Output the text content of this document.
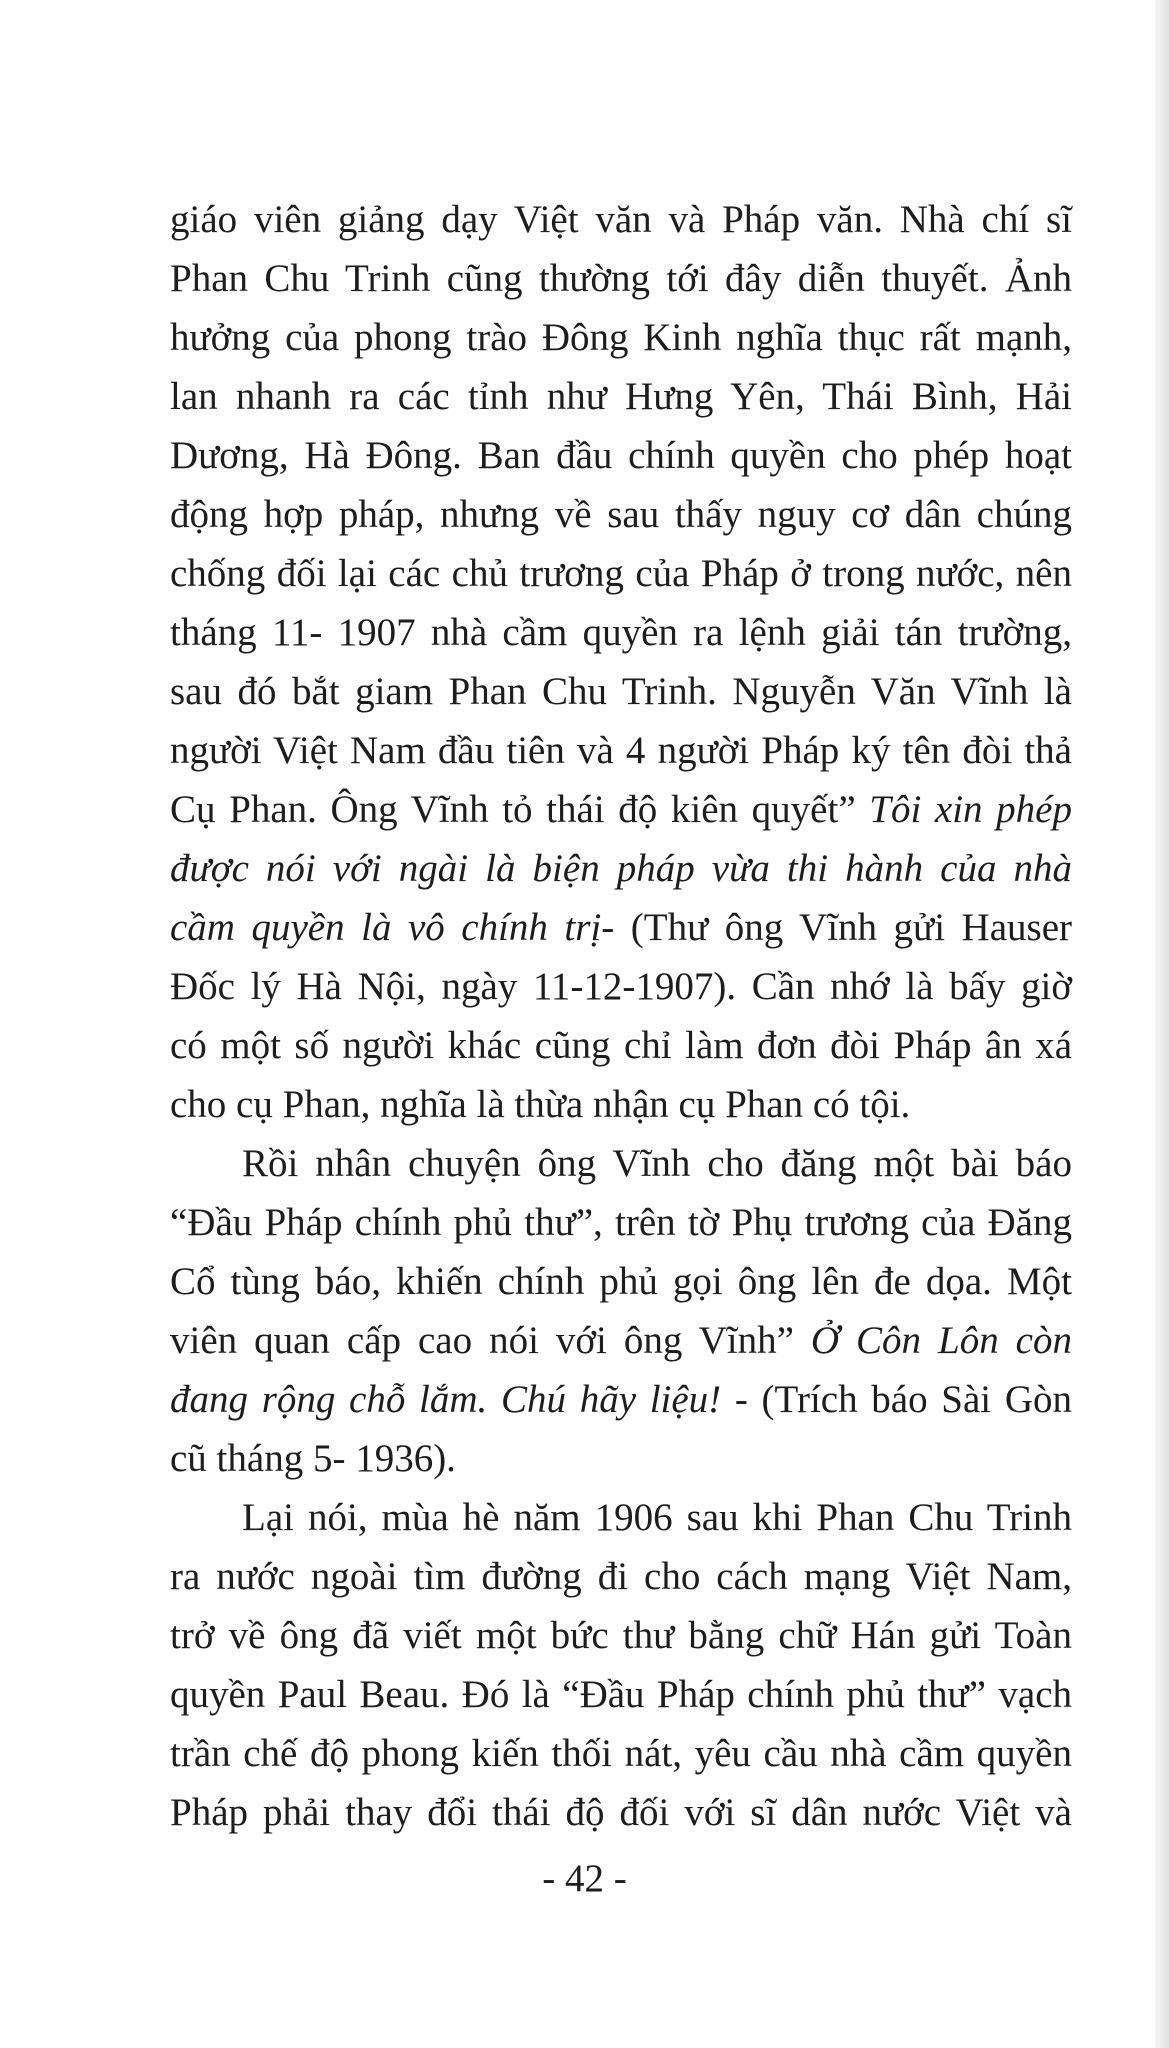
giáo viên giảng dạy Việt văn và Pháp văn. Nhà chí sĩ
Phan Chu Trinh cũng thường tới đây diễn thuyết. Ảnh
hưởng của phong trào Đông Kinh nghĩa thục rất mạnh,
lan nhanh ra các tỉnh như Hưng Yên, Thái Bình, Hải
Dương, Hà Đông. Ban đầu chính quyền cho phép hoạt
động hợp pháp, nhưng về sau thấy nguy cơ dân chúng
chống đối lại các chủ trương của Pháp ở trong nước, nên
tháng 11- 1907 nhà cầm quyền ra lệnh giải tán trường,
sau đó bắt giam Phan Chu Trinh. Nguyễn Văn Vĩnh là
người Việt Nam đầu tiên và 4 người Pháp ký tên đòi thả
Cụ Phan. Ông Vĩnh tỏ thái độ kiên quyết” Tôi xin phép
được nói với ngài là biện pháp vừa thi hành của nhà
cầm quyền là vô chính trị- (Thư ông Vĩnh gửi Hauser
Đốc lý Hà Nội, ngày 11-12-1907). Cần nhớ là bấy giờ
có một số người khác cũng chỉ làm đơn đòi Pháp ân xá
cho cụ Phan, nghĩa là thừa nhận cụ Phan có tội.
Rồi nhân chuyện ông Vĩnh cho đăng một bài báo
“Đầu Pháp chính phủ thư”, trên tờ Phụ trương của Đăng
Cổ tùng báo, khiến chính phủ gọi ông lên đe dọa. Một
viên quan cấp cao nói với ông Vĩnh” Ở Côn Lôn còn
đang rộng chỗ lắm. Chú hãy liệu! - (Trích báo Sài Gòn
cũ tháng 5- 1936).
Lại nói, mùa hè năm 1906 sau khi Phan Chu Trinh
ra nước ngoài tìm đường đi cho cách mạng Việt Nam,
trở về ông đã viết một bức thư bằng chữ Hán gửi Toàn
quyền Paul Beau. Đó là “Đầu Pháp chính phủ thư” vạch
trần chế độ phong kiến thối nát, yêu cầu nhà cầm quyền
Pháp phải thay đổi thái độ đối với sĩ dân nước Việt và
- 42 -
